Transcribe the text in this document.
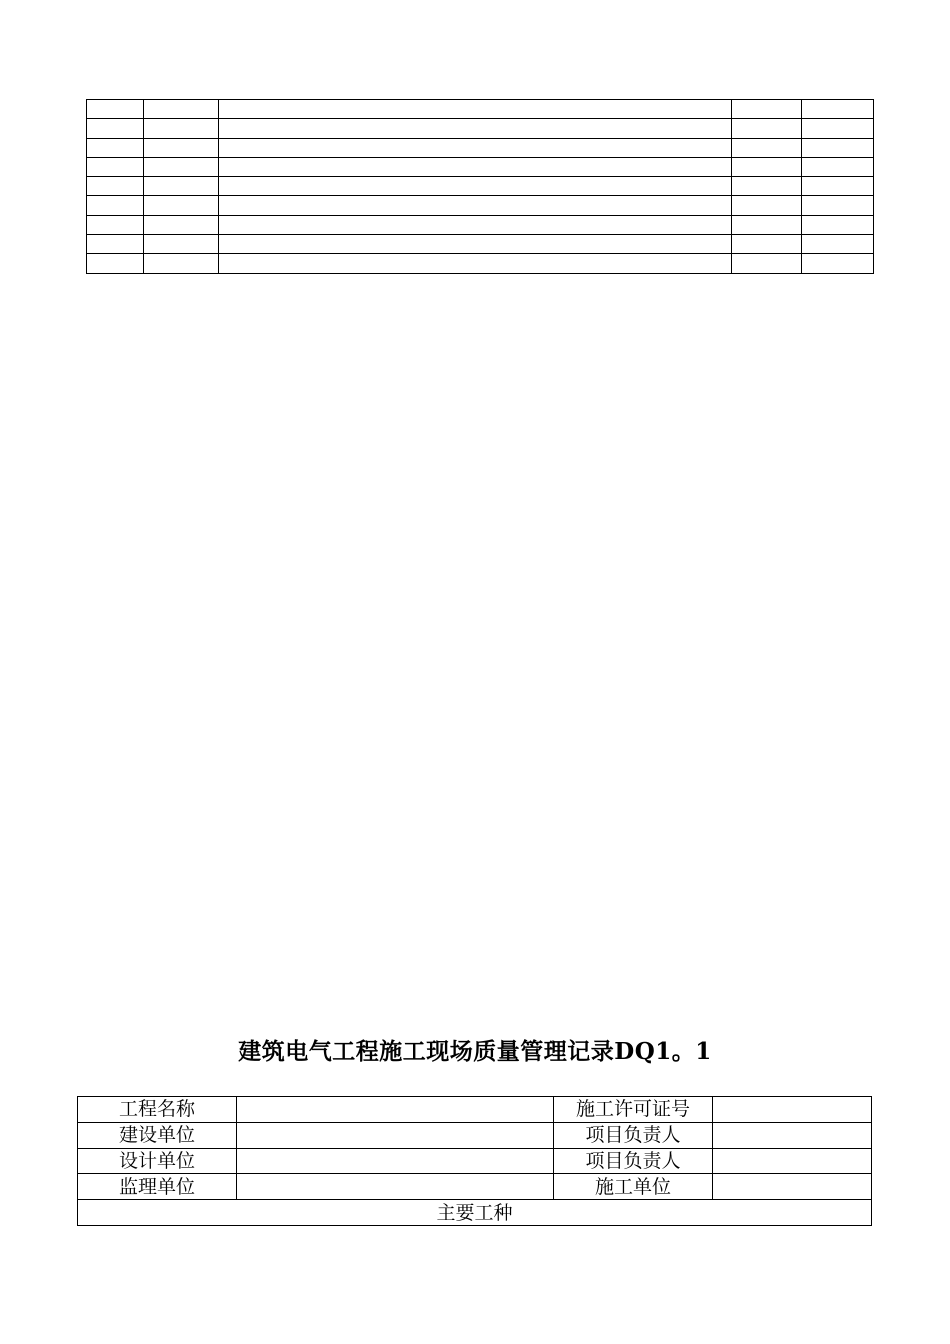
建筑电气工程施工现场质量管理记录DQ1。1
工程名称		施工许可证号	
建设单位		项目负责人	
设计单位		项目负责人	
监理单位		施工单位	
主要工种			
